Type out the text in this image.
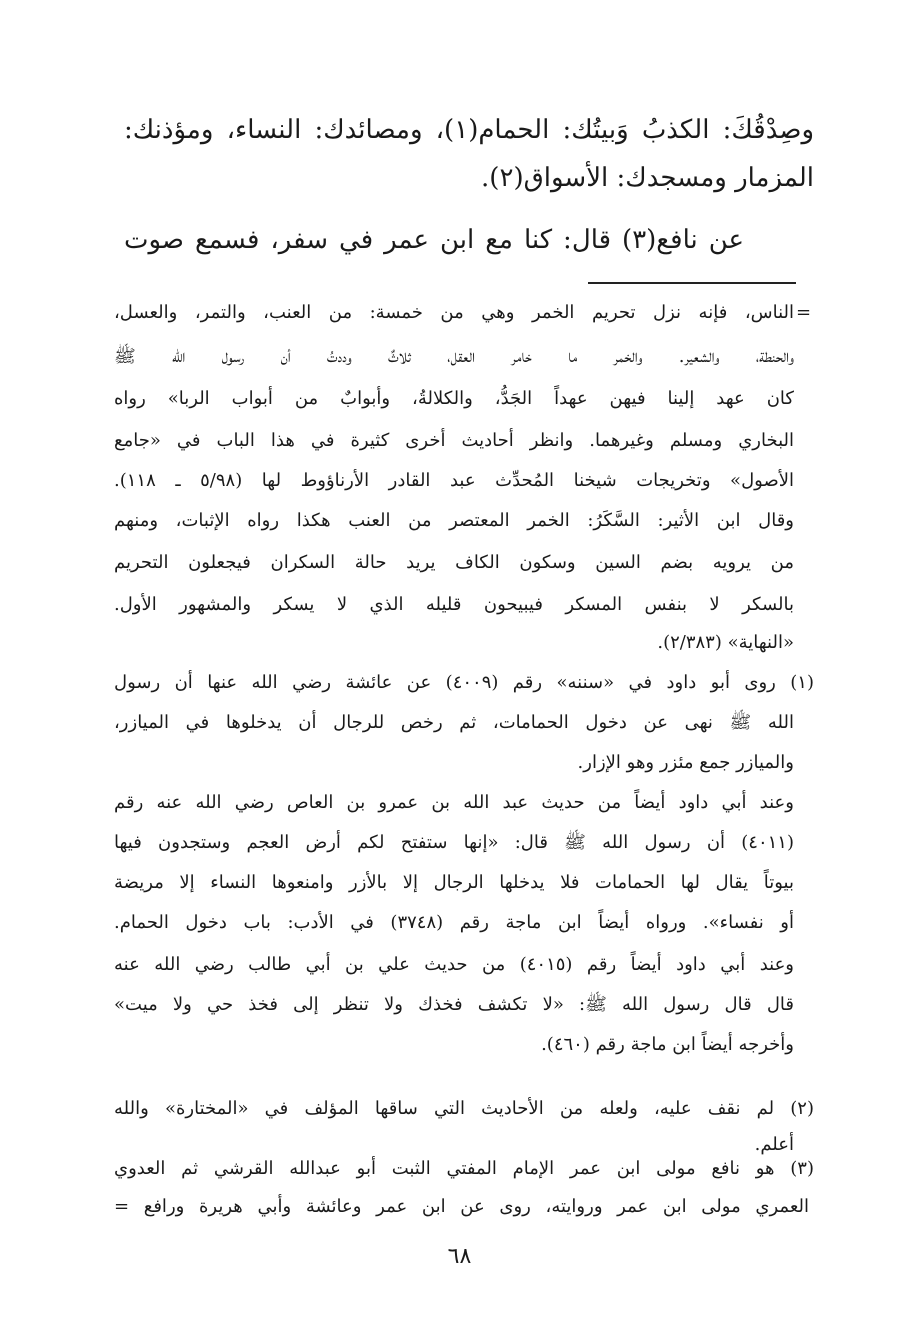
وصِدْقُكَ: الكذبُ وَبيتُك: الحمام(١)، ومصائدك: النساء، ومؤذنك:

المزمار ومسجدك: الأسواق(٢).

عن نافع(٣) قال: كنا مع ابن عمر في سفر، فسمع صوت

=

الناس، فإنه نزل تحريم الخمر وهي من خمسة: من العنب، والتمر، والعسل،

والحنطة، والشعير. والخمر ما خامر العقل، ثلاثٌ وددتُ أن رسول الله ﷺ

كان عهد إلينا فيهن عهداً الجَدُّ، والكلالةُ، وأبوابٌ من أبواب الربا» رواه

البخاري ومسلم وغيرهما. وانظر أحاديث أخرى كثيرة في هذا الباب في «جامع

الأصول» وتخريجات شيخنا المُحدِّث عبد القادر الأرناؤوط لها (٥/٩٨ ـ ١١٨).

وقال ابن الأثير: السَّكَرُ: الخمر المعتصر من العنب هكذا رواه الإثبات، ومنهم

من يرويه بضم السين وسكون الكاف يريد حالة السكران فيجعلون التحريم

بالسكر لا بنفس المسكر فيبيحون قليله الذي لا يسكر والمشهور الأول.

«النهاية» (٢/٣٨٣).

(١) روى أبو داود في «سننه» رقم (٤٠٠٩) عن عائشة رضي الله عنها أن رسول

الله ﷺ نهى عن دخول الحمامات، ثم رخص للرجال أن يدخلوها في الميازر،

والميازر جمع مئزر وهو الإزار.

وعند أبي داود أيضاً من حديث عبد الله بن عمرو بن العاص رضي الله عنه رقم

(٤٠١١) أن رسول الله ﷺ قال: «إنها ستفتح لكم أرض العجم وستجدون فيها

بيوتاً يقال لها الحمامات فلا يدخلها الرجال إلا بالأزر وامنعوها النساء إلا مريضة

أو نفساء». ورواه أيضاً ابن ماجة رقم (٣٧٤٨) في الأدب: باب دخول الحمام.

وعند أبي داود أيضاً رقم (٤٠١٥) من حديث علي بن أبي طالب رضي الله عنه

قال قال رسول الله ﷺ: «لا تكشف فخذك ولا تنظر إلى فخذ حي ولا ميت»

وأخرجه أيضاً ابن ماجة رقم (٤٦٠).

(٢) لم نقف عليه، ولعله من الأحاديث التي ساقها المؤلف في «المختارة» والله

أعلم.

(٣) هو نافع مولى ابن عمر الإمام المفتي الثبت أبو عبدالله القرشي ثم العدوي

العمري مولى ابن عمر وروايته، روى عن ابن عمر وعائشة وأبي هريرة ورافع =

٦٨
